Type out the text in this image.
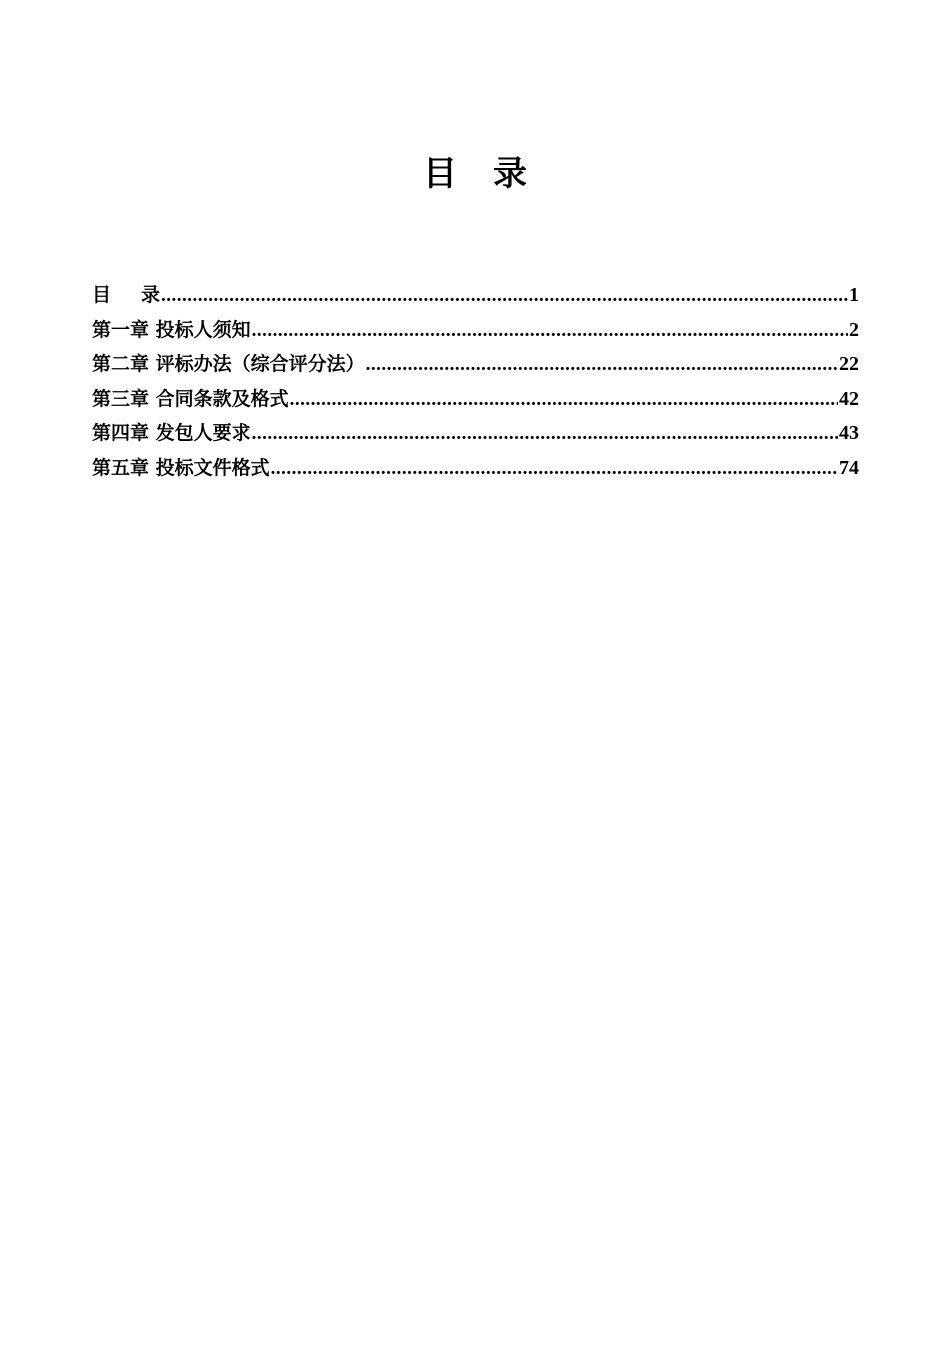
目 录
目 录 .....	1
第一章 投标人须知 .....	2
第二章 评标办法（综合评分法） .....	22
第三章 合同条款及格式 .....	42
第四章 发包人要求 .....	43
第五章 投标文件格式 .....	74
